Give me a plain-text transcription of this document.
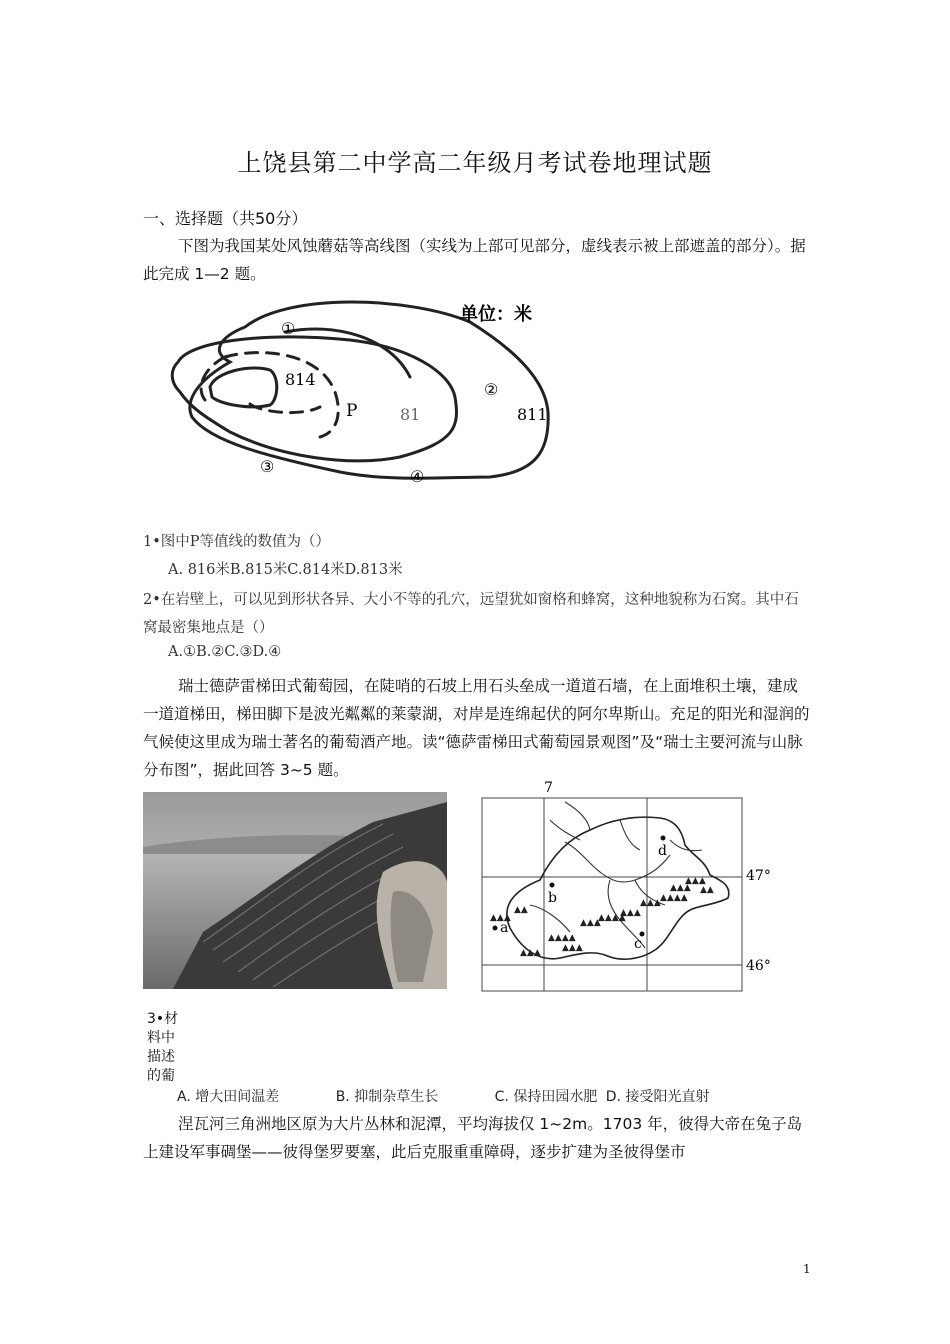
上饶县第二中学高二年级月考试卷地理试题
一、选择题（共50分）
下图为我国某处风蚀蘑菇等高线图（实线为上部可见部分，虚线表示被上部遮盖的部分）。据此完成 1—2 题。
单位：米
①
②
③
④
814
81	811
P
1•图中P等值线的数值为（）
A. 816米B.815米C.814米D.813米
2•在岩壁上，可以见到形状各异、大小不等的孔穴，远望犹如窗格和蜂窝，这种地貌称为石窝。其中石窝最密集地点是（）
A.①B.②C.③D.④
瑞士德萨雷梯田式葡萄园，在陡哨的石坡上用石头垒成一道道石墙，在上面堆积土壤，建成一道道梯田，梯田脚下是波光粼粼的莱蒙湖，对岸是连绵起伏的阿尔卑斯山。充足的阳光和湿润的气候使这里成为瑞士著名的葡萄酒产地。读“德萨雷梯田式葡萄园景观图”及“瑞士主要河流与山脉分布图”，据此回答 3~5 题。
7
▲▲▲
▲▲
▲▲▲
▲▲▲▲
▲▲▲
▲▲▲
▲▲▲▲
▲▲▲
▲▲▲ ▲▲▲▲
▲▲▲
▲▲▲
▲▲
a
b
c
d
47°
46°
3•材料中描述的葡
A. 增大田间温差	B. 抑制杂草生长	C. 保持田园水肥 D. 接受阳光直射
涅瓦河三角洲地区原为大片丛林和泥潭，平均海拔仅 1~2m。1703 年，彼得大帝在兔子岛上建设军事碉堡——彼得堡罗要塞，此后克服重重障碍，逐步扩建为圣彼得堡市
1
